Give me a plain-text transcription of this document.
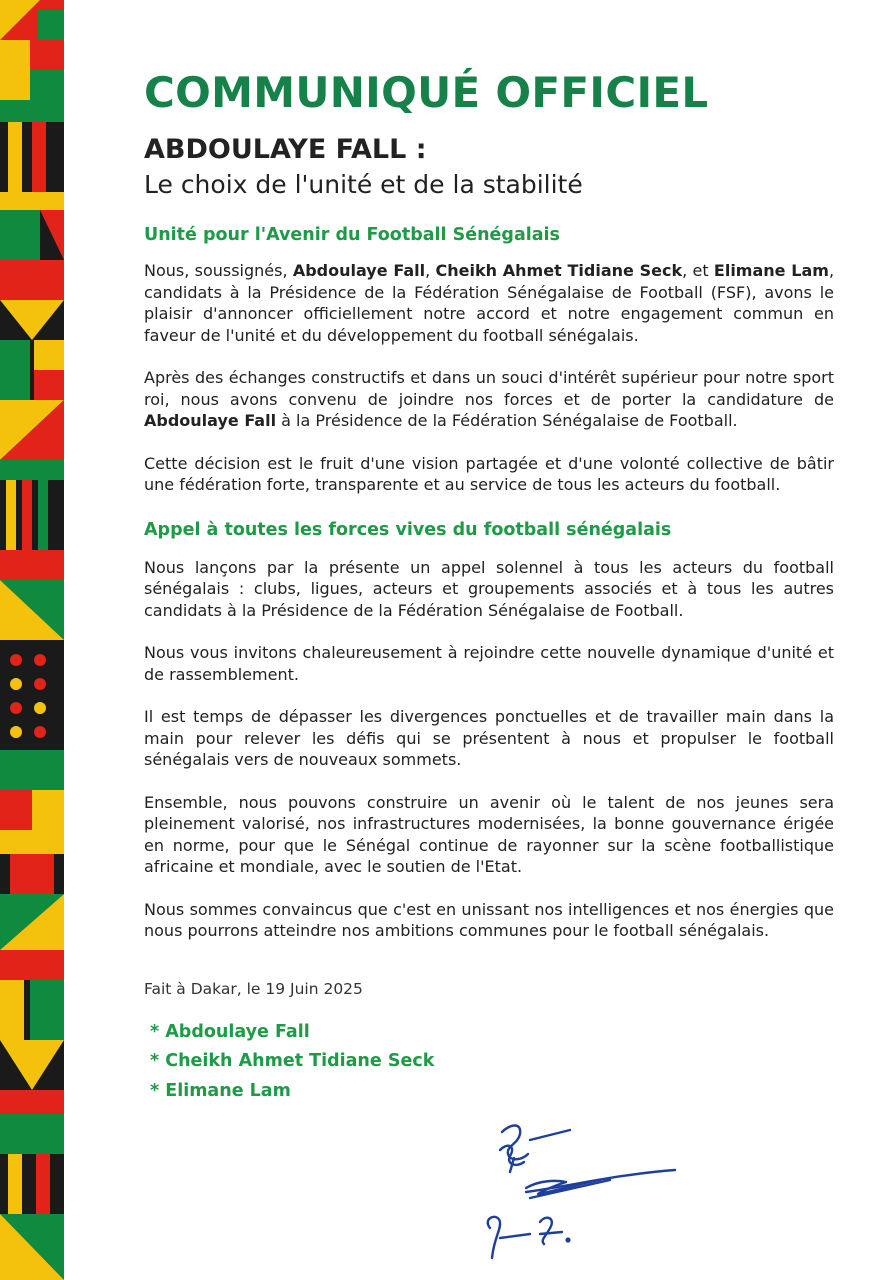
COMMUNIQUÉ OFFICIEL
ABDOULAYE FALL :
Le choix de l'unité et de la stabilité
Unité pour l'Avenir du Football Sénégalais

Nous, soussignés, Abdoulaye Fall, Cheikh Ahmet Tidiane Seck, et Elimane Lam, candidats à la Présidence de la Fédération Sénégalaise de Football (FSF), avons le plaisir d'annoncer officiellement notre accord et notre engagement commun en faveur de l'unité et du développement du football sénégalais.

Après des échanges constructifs et dans un souci d'intérêt supérieur pour notre sport roi, nous avons convenu de joindre nos forces et de porter la candidature de Abdoulaye Fall à la Présidence de la Fédération Sénégalaise de Football.

Cette décision est le fruit d'une vision partagée et d'une volonté collective de bâtir une fédération forte, transparente et au service de tous les acteurs du football.

Appel à toutes les forces vives du football sénégalais

Nous lançons par la présente un appel solennel à tous les acteurs du football sénégalais : clubs, ligues, acteurs et groupements associés et à tous les autres candidats à la Présidence de la Fédération Sénégalaise de Football.

Nous vous invitons chaleureusement à rejoindre cette nouvelle dynamique d'unité et de rassemblement.

Il est temps de dépasser les divergences ponctuelles et de travailler main dans la main pour relever les défis qui se présentent à nous et propulser le football sénégalais vers de nouveaux sommets.

Ensemble, nous pouvons construire un avenir où le talent de nos jeunes sera pleinement valorisé, nos infrastructures modernisées, la bonne gouvernance érigée en norme, pour que le Sénégal continue de rayonner sur la scène footballistique africaine et mondiale, avec le soutien de l'Etat.

Nous sommes convaincus que c'est en unissant nos intelligences et nos énergies que nous pourrons atteindre nos ambitions communes pour le football sénégalais.

Fait à Dakar, le 19 Juin 2025
* Abdoulaye Fall
* Cheikh Ahmet Tidiane Seck
* Elimane Lam
